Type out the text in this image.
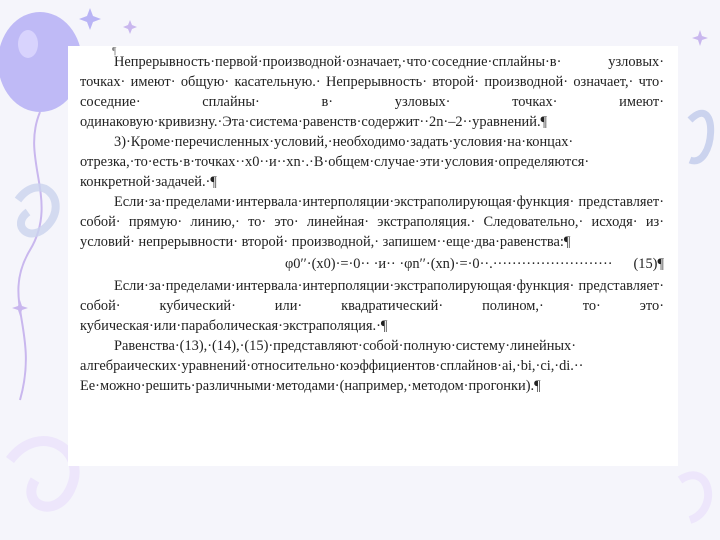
¶

Непрерывность·первой·производной·означает,·что·соседние·сплайны·в· узловых· точках· имеют· общую· касательную.· Непрерывность· второй· производной· означает,· что· соседние· сплайны· в· узловых· точках· имеют· одинаковую·кривизну.·Эта·система·равенств·содержит··2n·–2··уравнений.¶

3)·Кроме·перечисленных·условий,·необходимо·задать·условия·на·концах· отрезка,·то·есть·в·точках··x0··и··xn·.·В·общем·случае·эти·условия·определяются· конкретной·задачей.·¶

Если·за·пределами·интервала·интерполяции·экстраполирующая·функция· представляет· собой· прямую· линию,· то· это· линейная· экстраполяция.· Следовательно,· исходя· из· условий· непрерывности· второй· производной,· запишем··еще·два·равенства:¶

φ0′′·(x0)·=·0·· ·и·· ·φn′′·(xn)·=·0··.························· (15)¶

Если·за·пределами·интервала·интерполяции·экстраполирующая·функция· представляет· собой· кубический· или· квадратический· полином,· то· это· кубическая·или·параболическая·экстраполяция.·¶

Равенства·(13),·(14),·(15)·представляют·собой·полную·систему·линейных· алгебраических·уравнений·относительно·коэффициентов·сплайнов·ai,·bi,·ci,·di.·· Ее·можно·решить·различными·методами·(например,·методом·прогонки).¶
